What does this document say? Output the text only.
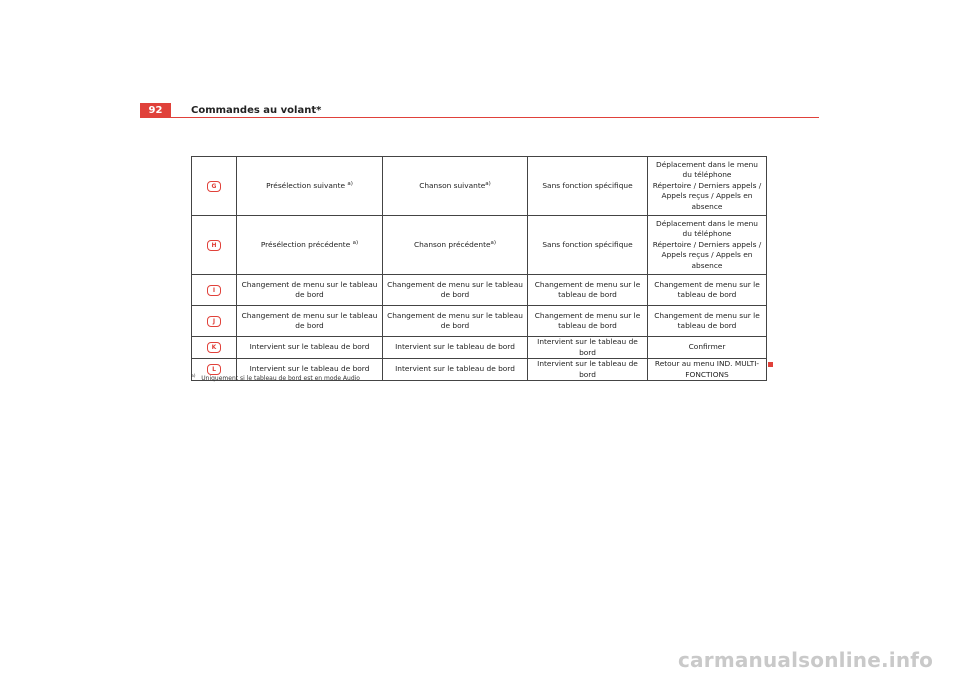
92	Commandes au volant*
G	Présélection suivante $^{a)}$	Chanson suivante$^{a)}$	Sans fonction spécifique	Déplacement dans le menu du téléphone
Répertoire / Derniers appels / Appels reçus / Appels en absence
H	Présélection précédente $^{a)}$	Chanson précédente$^{a)}$	Sans fonction spécifique	Déplacement dans le menu du téléphone
Répertoire / Derniers appels / Appels reçus / Appels en absence
I	Changement de menu sur le tableau de bord	Changement de menu sur le tableau de bord	Changement de menu sur le tableau de bord	Changement de menu sur le tableau de bord
J	Changement de menu sur le tableau de bord	Changement de menu sur le tableau de bord	Changement de menu sur le tableau de bord	Changement de menu sur le tableau de bord
K	Intervient sur le tableau de bord	Intervient sur le tableau de bord	Intervient sur le tableau de bord	Confirmer
L	Intervient sur le tableau de bord	Intervient sur le tableau de bord	Intervient sur le tableau de bord	Retour au menu IND. MULTI-FONCTIONS
$^{a)}$ Uniquement si le tableau de bord est en mode Audio
carmanualsonline.info
